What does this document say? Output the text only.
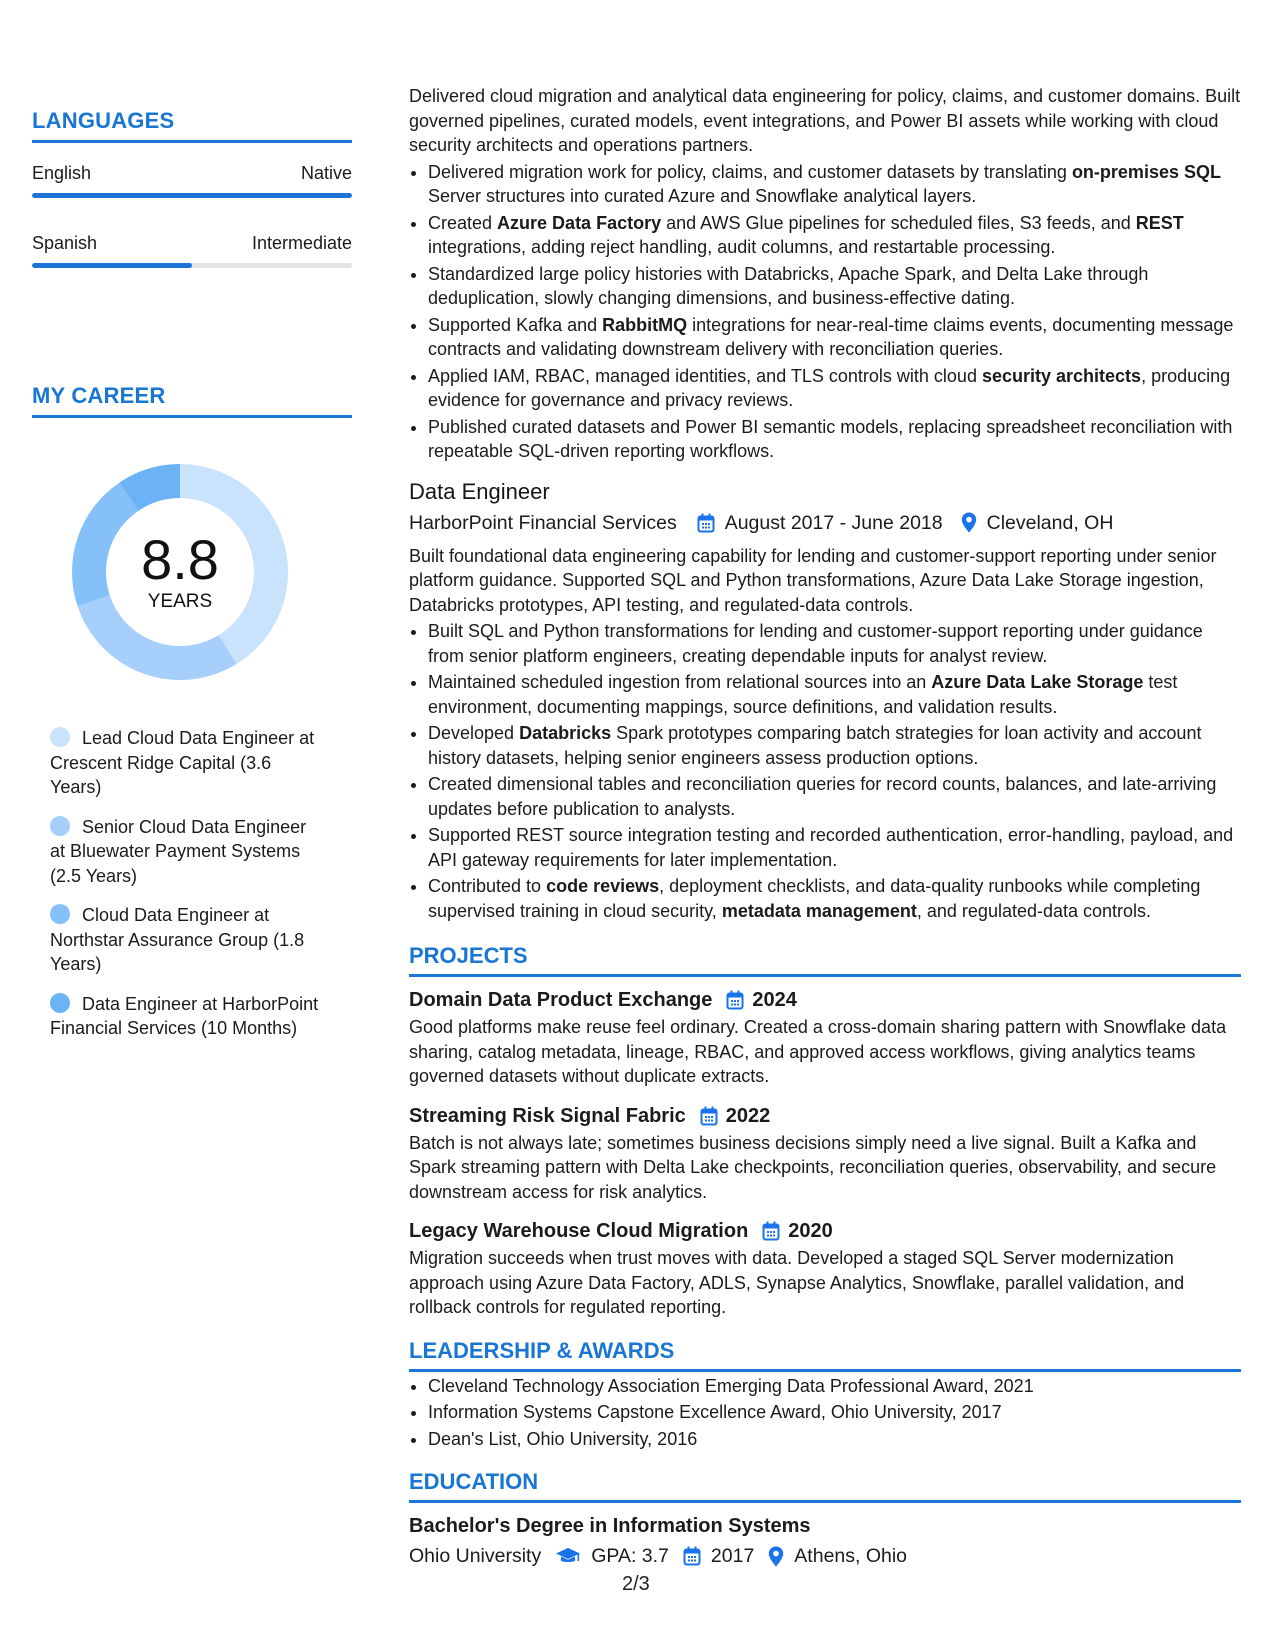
LANGUAGES
English	Native
Spanish	Intermediate
MY CAREER
8.8
YEARS
Lead Cloud Data Engineer at Crescent Ridge Capital (3.6 Years)
Senior Cloud Data Engineer at Bluewater Payment Systems (2.5 Years)
Cloud Data Engineer at Northstar Assurance Group (1.8 Years)
Data Engineer at HarborPoint Financial Services (10 Months)
Delivered cloud migration and analytical data engineering for policy, claims, and customer domains. Built governed pipelines, curated models, event integrations, and Power BI assets while working with cloud security architects and operations partners.
• Delivered migration work for policy, claims, and customer datasets by translating on-premises SQL Server structures into curated Azure and Snowflake analytical layers.
• Created Azure Data Factory and AWS Glue pipelines for scheduled files, S3 feeds, and REST integrations, adding reject handling, audit columns, and restartable processing.
• Standardized large policy histories with Databricks, Apache Spark, and Delta Lake through deduplication, slowly changing dimensions, and business-effective dating.
• Supported Kafka and RabbitMQ integrations for near-real-time claims events, documenting message contracts and validating downstream delivery with reconciliation queries.
• Applied IAM, RBAC, managed identities, and TLS controls with cloud security architects, producing evidence for governance and privacy reviews.
• Published curated datasets and Power BI semantic models, replacing spreadsheet reconciliation with repeatable SQL-driven reporting workflows.
Data Engineer
HarborPoint Financial Services August 2017 - June 2018 Cleveland, OH
Built foundational data engineering capability for lending and customer-support reporting under senior platform guidance. Supported SQL and Python transformations, Azure Data Lake Storage ingestion, Databricks prototypes, API testing, and regulated-data controls.
• Built SQL and Python transformations for lending and customer-support reporting under guidance from senior platform engineers, creating dependable inputs for analyst review.
• Maintained scheduled ingestion from relational sources into an Azure Data Lake Storage test environment, documenting mappings, source definitions, and validation results.
• Developed Databricks Spark prototypes comparing batch strategies for loan activity and account history datasets, helping senior engineers assess production options.
• Created dimensional tables and reconciliation queries for record counts, balances, and late-arriving updates before publication to analysts.
• Supported REST source integration testing and recorded authentication, error-handling, payload, and API gateway requirements for later implementation.
• Contributed to code reviews, deployment checklists, and data-quality runbooks while completing supervised training in cloud security, metadata management, and regulated-data controls.
PROJECTS
Domain Data Product Exchange 2024
Good platforms make reuse feel ordinary. Created a cross-domain sharing pattern with Snowflake data sharing, catalog metadata, lineage, RBAC, and approved access workflows, giving analytics teams governed datasets without duplicate extracts.
Streaming Risk Signal Fabric 2022
Batch is not always late; sometimes business decisions simply need a live signal. Built a Kafka and Spark streaming pattern with Delta Lake checkpoints, reconciliation queries, observability, and secure downstream access for risk analytics.
Legacy Warehouse Cloud Migration 2020
Migration succeeds when trust moves with data. Developed a staged SQL Server modernization approach using Azure Data Factory, ADLS, Synapse Analytics, Snowflake, parallel validation, and rollback controls for regulated reporting.
LEADERSHIP & AWARDS
• Cleveland Technology Association Emerging Data Professional Award, 2021
• Information Systems Capstone Excellence Award, Ohio University, 2017
• Dean's List, Ohio University, 2016
EDUCATION
Bachelor's Degree in Information Systems
Ohio University	GPA: 3.7 2017 Athens, Ohio
2/3
